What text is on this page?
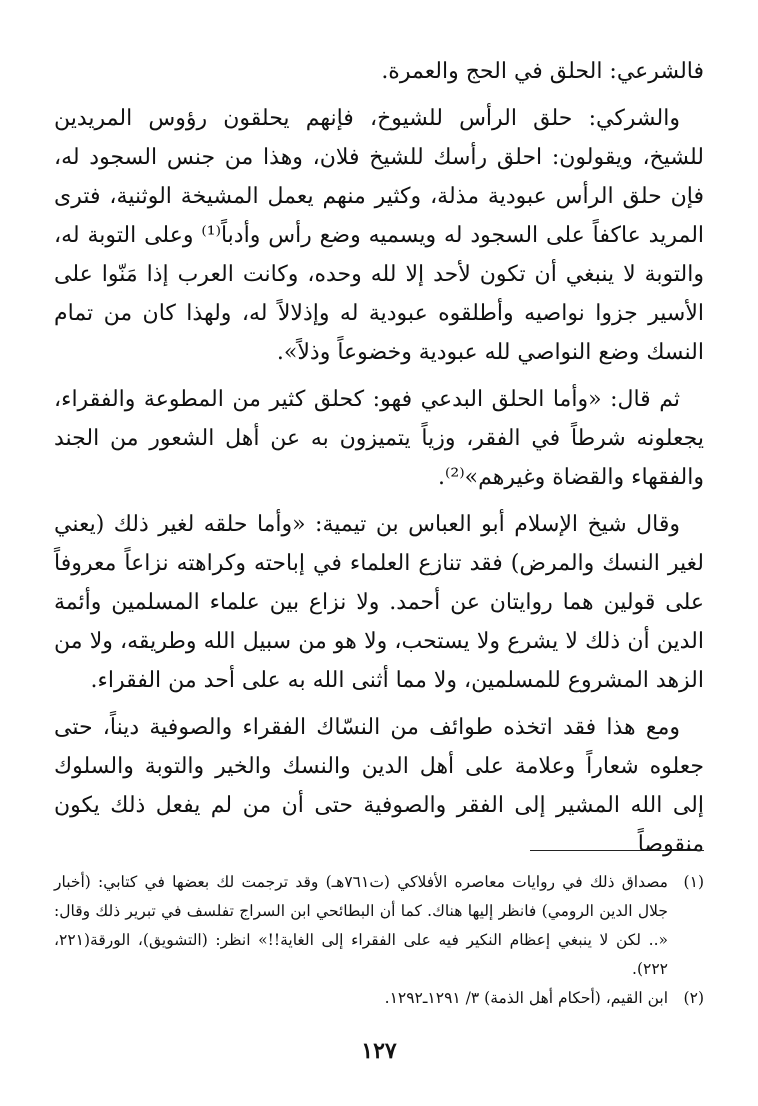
فالشرعي: الحلق في الحج والعمرة.

والشركي: حلق الرأس للشيوخ، فإنهم يحلقون رؤوس المريدين للشيخ، ويقولون: احلق رأسك للشيخ فلان، وهذا من جنس السجود له، فإن حلق الرأس عبودية مذلة، وكثير منهم يعمل المشيخة الوثنية، فترى المريد عاكفاً على السجود له ويسميه وضع رأس وأدباً⁽¹⁾ وعلى التوبة له، والتوبة لا ينبغي أن تكون لأحد إلا لله وحده، وكانت العرب إذا مَنّوا على الأسير جزوا نواصيه وأطلقوه عبودية له وإذلالاً له، ولهذا كان من تمام النسك وضع النواصي لله عبودية وخضوعاً وذلاً».

ثم قال: «وأما الحلق البدعي فهو: كحلق كثير من المطوعة والفقراء، يجعلونه شرطاً في الفقر، وزياً يتميزون به عن أهل الشعور من الجند والفقهاء والقضاة وغيرهم»⁽²⁾.

وقال شيخ الإسلام أبو العباس بن تيمية: «وأما حلقه لغير ذلك (يعني لغير النسك والمرض) فقد تنازع العلماء في إباحته وكراهته نزاعاً معروفاً على قولين هما روايتان عن أحمد. ولا نزاع بين علماء المسلمين وأئمة الدين أن ذلك لا يشرع ولا يستحب، ولا هو من سبيل الله وطريقه، ولا من الزهد المشروع للمسلمين، ولا مما أثنى الله به على أحد من الفقراء.

ومع هذا فقد اتخذه طوائف من النسّاك الفقراء والصوفية ديناً، حتى جعلوه شعاراً وعلامة على أهل الدين والنسك والخير والتوبة والسلوك إلى الله المشير إلى الفقر والصوفية حتى أن من لم يفعل ذلك يكون منقوصاً

(١)
مصداق ذلك في روايات معاصره الأفلاكي (ت٧٦١هـ) وقد ترجمت لك بعضها في كتابي: (أخبار جلال الدين الرومي) فانظر إليها هناك. كما أن البطائحي ابن السراج تفلسف في تبرير ذلك وقال: «.. لكن لا ينبغي إعظام النكير فيه على الفقراء إلى الغاية!!» انظر: (التشويق)، الورقة(٢٢١، ٢٢٢).
(٢)
ابن القيم، (أحكام أهل الذمة) ٣/ ١٢٩١ـ١٢٩٢.
١٢٧
